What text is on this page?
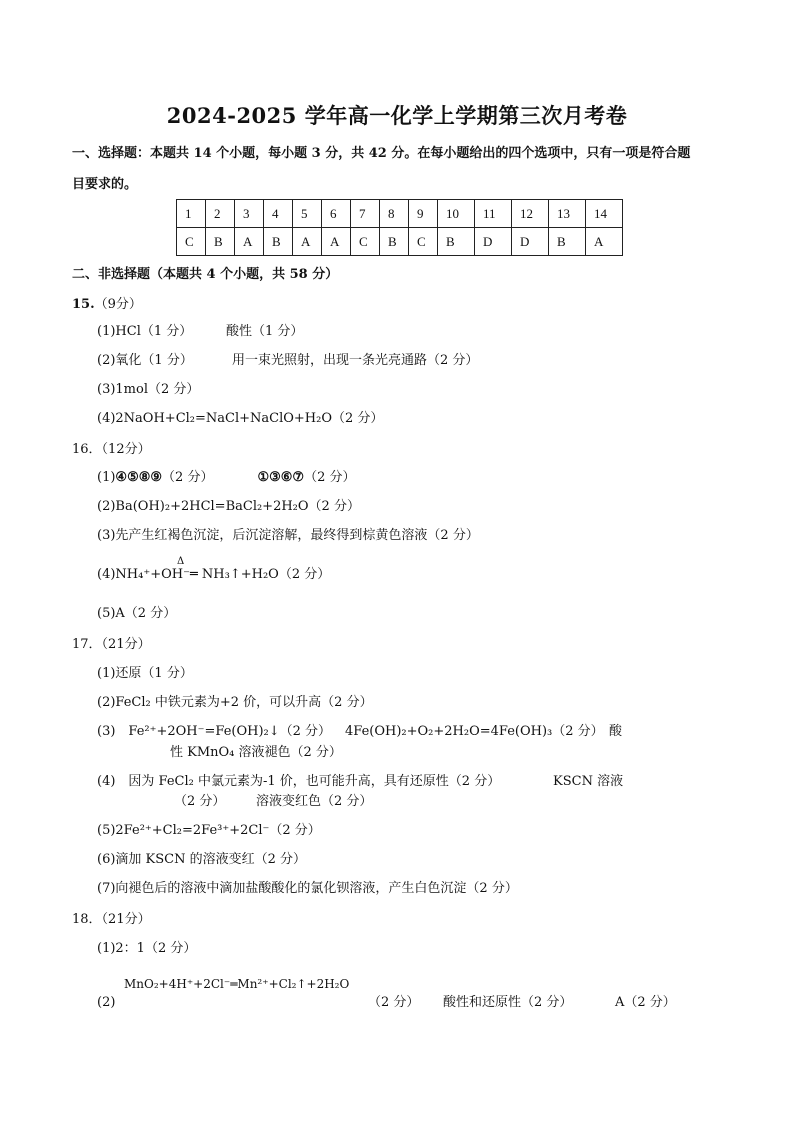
2024-2025 学年高一化学上学期第三次月考卷
一、选择题：本题共 14 个小题，每小题 3 分，共 42 分。在每小题给出的四个选项中，只有一项是符合题
目要求的。
1	2	3	4	5	6	7	8	9	10	11	12	13	14
C	B	A	B	A	A	C	B	C	B	D	D	B	A
二、非选择题（本题共 4 个小题，共 58 分）
15.（9分）
(1)HCl（1 分）	酸性（1 分）
(2)氧化（1 分）	用一束光照射，出现一条光亮通路（2 分）
(3)1mol（2 分）
(4)2NaOH+Cl₂=NaCl+NaClO+H₂O（2 分）
16．（12分）
(1)④⑤⑧⑨（2 分）	①③⑥⑦（2 分）
(2)Ba(OH)₂+2HCl=BaCl₂+2H₂O（2 分）
(3)先产生红褐色沉淀，后沉淀溶解，最终得到棕黄色溶液（2 分）
Δ
(4)NH₄⁺+OH⁻═ NH₃↑+H₂O（2 分）
(5)A（2 分）
17．（21分）
(1)还原（1 分）
(2)FeCl₂ 中铁元素为+2 价，可以升高（2 分）
(3)　Fe²⁺+2OH⁻=Fe(OH)₂↓（2 分） 4Fe(OH)₂+O₂+2H₂O=4Fe(OH)₃（2 分） 酸
性 KMnO₄ 溶液褪色（2 分）
(4)　因为 FeCl₂ 中氯元素为-1 价，也可能升高，具有还原性（2 分）	KSCN 溶液
（2 分） 溶液变红色（2 分）
(5)2Fe²⁺+Cl₂=2Fe³⁺+2Cl⁻（2 分）
(6)滴加 KSCN 的溶液变红（2 分）
(7)向褪色后的溶液中滴加盐酸酸化的氯化钡溶液，产生白色沉淀（2 分）
18．（21分）
(1)2：1（2 分）
MnO₂+4H⁺+2Cl⁻═Mn²⁺+Cl₂↑+2H₂O
(2)	（2 分） 酸性和还原性（2 分）	A（2 分）
